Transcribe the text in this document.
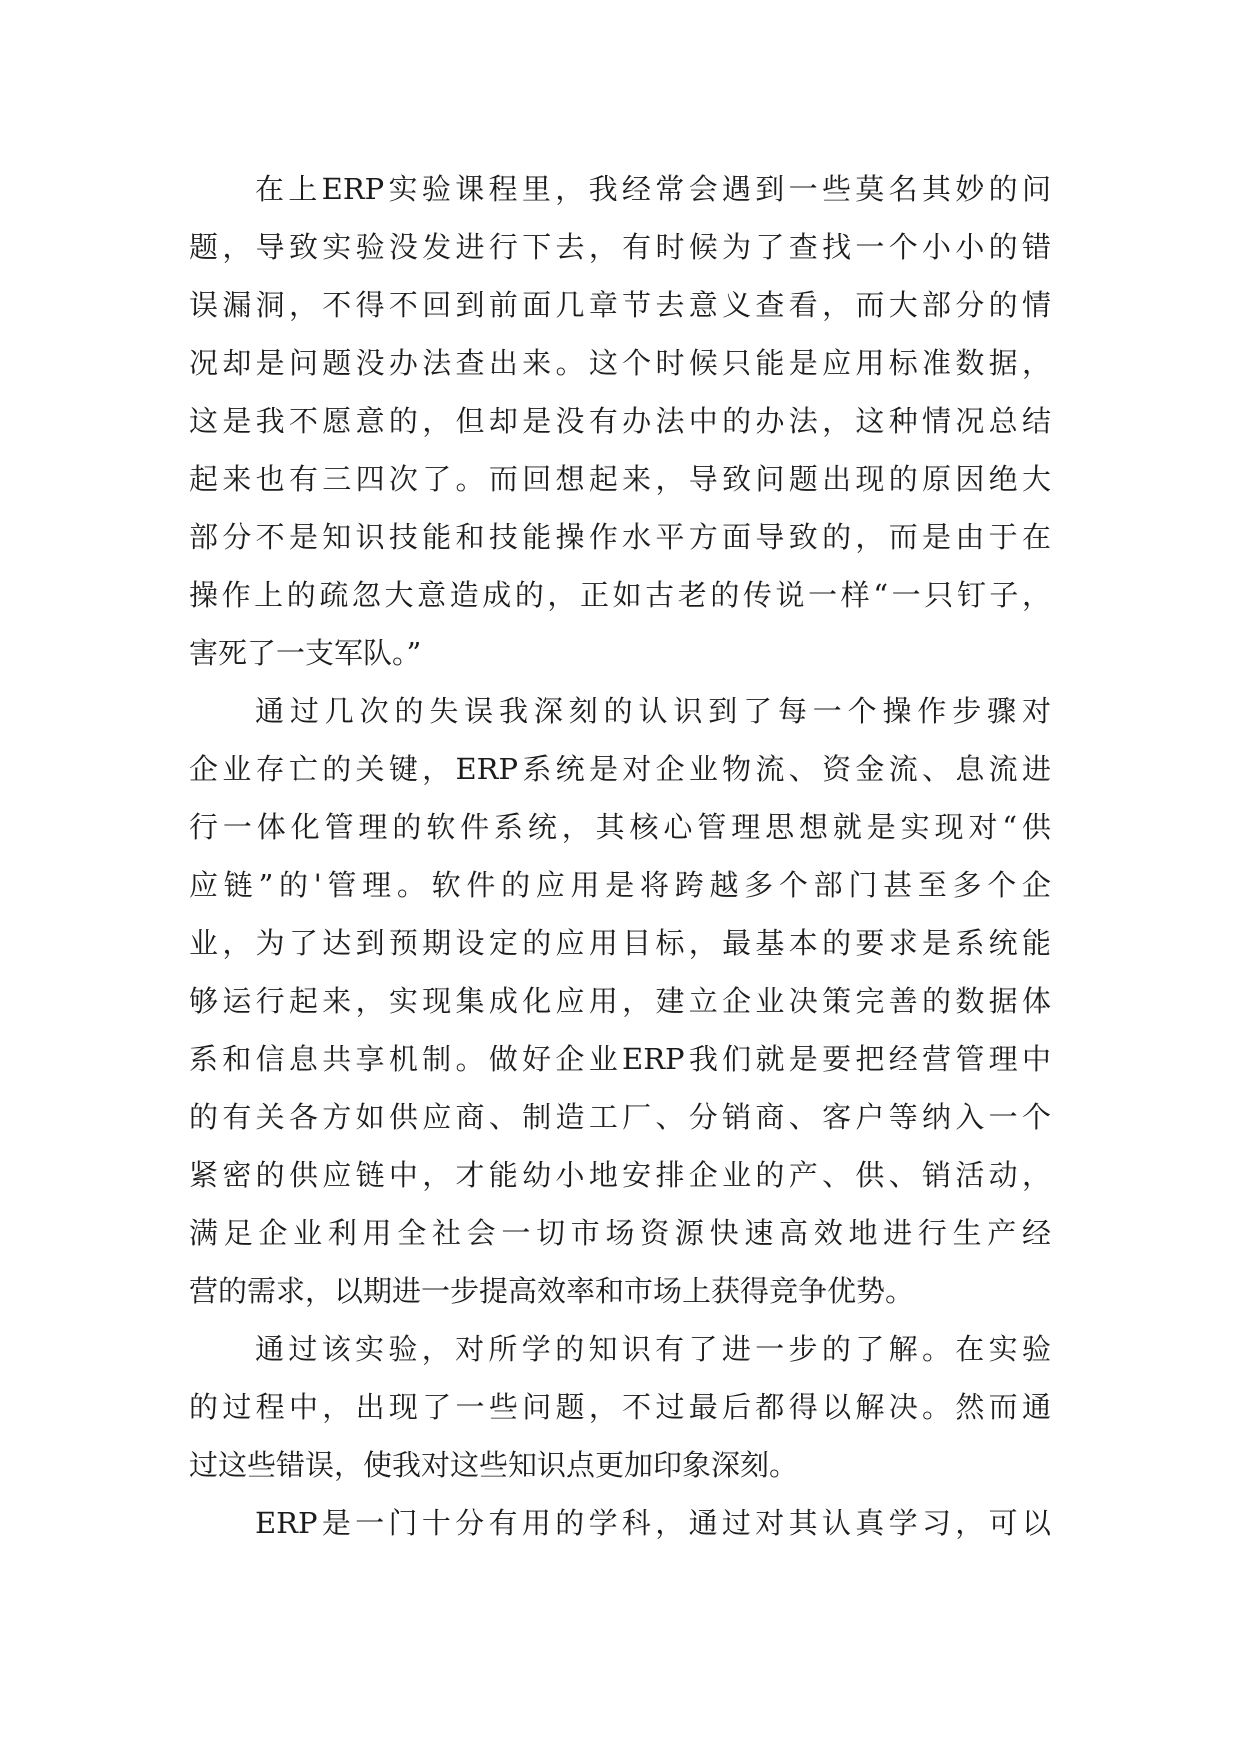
在上ERP实验课程里，我经常会遇到一些莫名其妙的问
题，导致实验没发进行下去，有时候为了查找一个小小的错
误漏洞，不得不回到前面几章节去意义查看，而大部分的情
况却是问题没办法查出来。这个时候只能是应用标准数据，
这是我不愿意的，但却是没有办法中的办法，这种情况总结
起来也有三四次了。而回想起来，导致问题出现的原因绝大
部分不是知识技能和技能操作水平方面导致的，而是由于在
操作上的疏忽大意造成的，正如古老的传说一样“一只钉子，
害死了一支军队。”
通过几次的失误我深刻的认识到了每一个操作步骤对
企业存亡的关键，ERP系统是对企业物流、资金流、息流进
行一体化管理的软件系统，其核心管理思想就是实现对“供
应链”的'管理。软件的应用是将跨越多个部门甚至多个企
业，为了达到预期设定的应用目标，最基本的要求是系统能
够运行起来，实现集成化应用，建立企业决策完善的数据体
系和信息共享机制。做好企业ERP我们就是要把经营管理中
的有关各方如供应商、制造工厂、分销商、客户等纳入一个
紧密的供应链中，才能幼小地安排企业的产、供、销活动，
满足企业利用全社会一切市场资源快速高效地进行生产经
营的需求，以期进一步提高效率和市场上获得竞争优势。
通过该实验，对所学的知识有了进一步的了解。在实验
的过程中，出现了一些问题，不过最后都得以解决。然而通
过这些错误，使我对这些知识点更加印象深刻。
ERP是一门十分有用的学科，通过对其认真学习，可以
